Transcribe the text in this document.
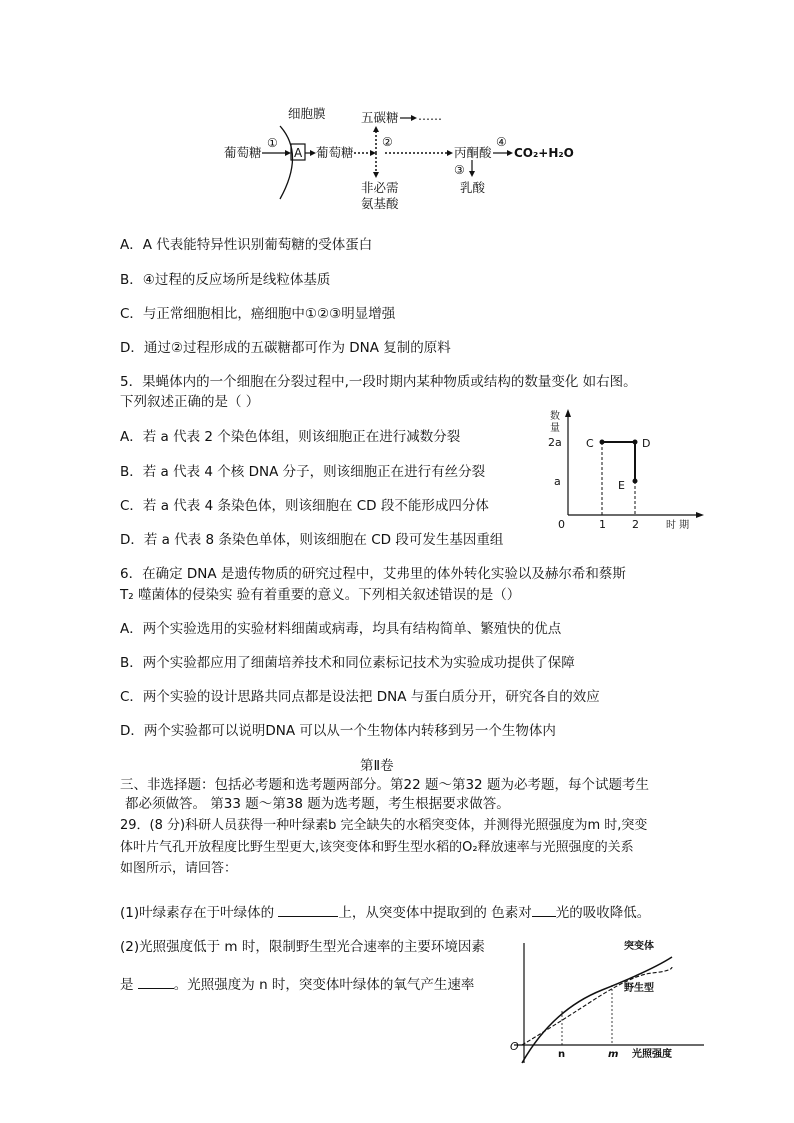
细胞膜
葡萄糖
①
A 葡萄糖
五碳糖 ……
②
非必需
氨基酸
丙酮酸
④
CO₂+H₂O
③
乳酸
A．A 代表能特异性识别葡萄糖的受体蛋白
B．④过程的反应场所是线粒体基质
C．与正常细胞相比，癌细胞中①②③明显增强
D．通过②过程形成的五碳糖都可作为 DNA 复制的原料
5．果蝇体内的一个细胞在分裂过程中,一段时期内某种物质或结构的数量变化 如右图。
下列叙述正确的是（ ）
A．若 a 代表 2 个染色体组，则该细胞正在进行减数分裂
B．若 a 代表 4 个核 DNA 分子，则该细胞正在进行有丝分裂
C．若 a 代表 4 条染色体，则该细胞在 CD 段不能形成四分体
D．若 a 代表 8 条染色单体，则该细胞在 CD 段可发生基因重组
数
量
2a
a
0	1 2	时 期
C	D
E
6．在确定 DNA 是遗传物质的研究过程中，艾弗里的体外转化实验以及赫尔希和蔡斯
T₂ 噬菌体的侵染实 验有着重要的意义。下列相关叙述错误的是（）
A．两个实验选用的实验材料细菌或病毒，均具有结构简单、繁殖快的优点
B．两个实验都应用了细菌培养技术和同位素标记技术为实验成功提供了保障
C．两个实验的设计思路共同点都是设法把 DNA 与蛋白质分开，研究各自的效应
D．两个实验都可以说明DNA 可以从一个生物体内转移到另一个生物体内
第Ⅱ卷
三、非选择题：包括必考题和选考题两部分。第22 题～第32 题为必考题，每个试题考生
都必须做答。 第33 题～第38 题为选考题，考生根据要求做答。
29．(8 分)科研人员获得一种叶绿素b 完全缺失的水稻突变体，并测得光照强度为m 时,突变
体叶片气孔开放程度比野生型更大,该突变体和野生型水稻的O₂释放速率与光照强度的关系
如图所示，请回答：
(1)叶绿素存在于叶绿体的	上，从突变体中提取到的 色素对 光的吸收降低。
(2)光照强度低于 m 时，限制野生型光合速率的主要环境因素
是	。光照强度为 n 时，突变体叶绿体的氧气产生速率
O
突变体
野生型
n	m 光照强度
